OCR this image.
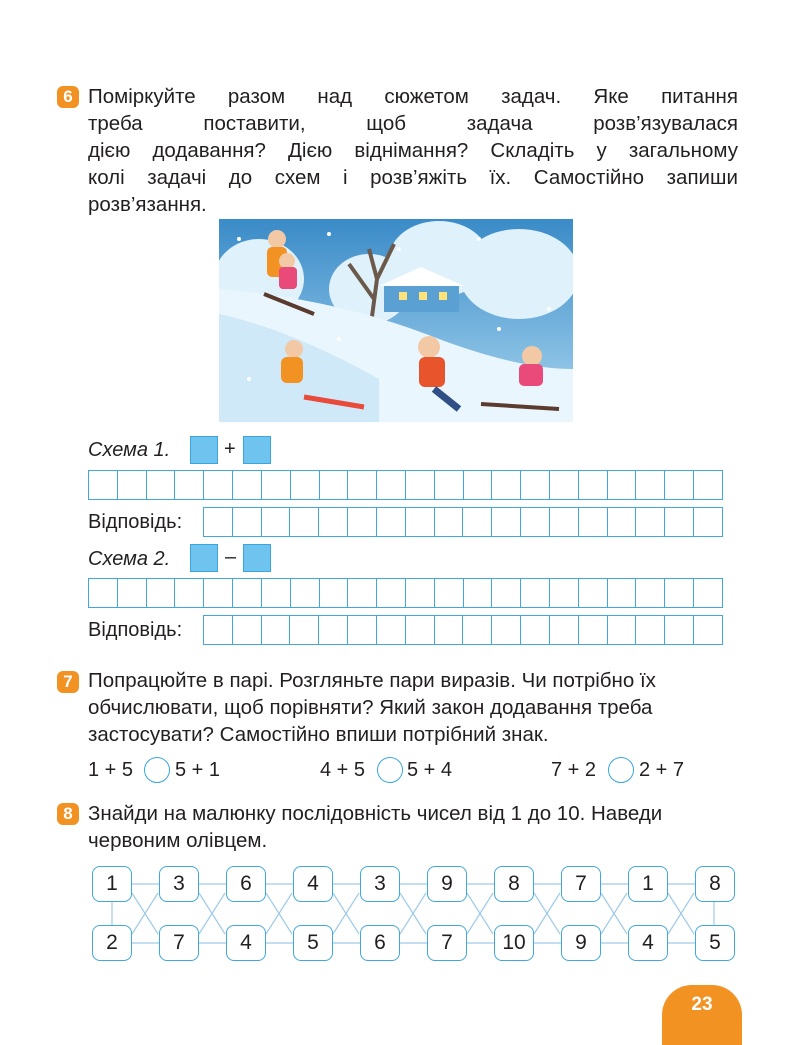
6 Поміркуйте разом над сюжетом задач. Яке питання
треба	поставити,	щоб	задача	розв’язувалася
дією додавання? Дією віднімання? Складіть у загальному
колі задачі до схем і розв’яжіть їх. Самостійно запиши
розв’язання.
Схема 1.	+
Відповідь:
Схема 2.	–
Відповідь:
7 Попрацюйте в парі. Розгляньте пари виразів. Чи потрібно їх
обчислювати, щоб порівняти? Який закон додавання треба
застосувати? Самостійно впиши потрібний знак.
1 + 5 5 + 1	4 + 5 5 + 4	7 + 2 2 + 7
8 Знайди на малюнку послідовність чисел від 1 до 10. Наведи
червоним олівцем.
1	3	6	4	3	9	8	7	1	8
2	7	4	5	6	7	10	9	4	5
23
